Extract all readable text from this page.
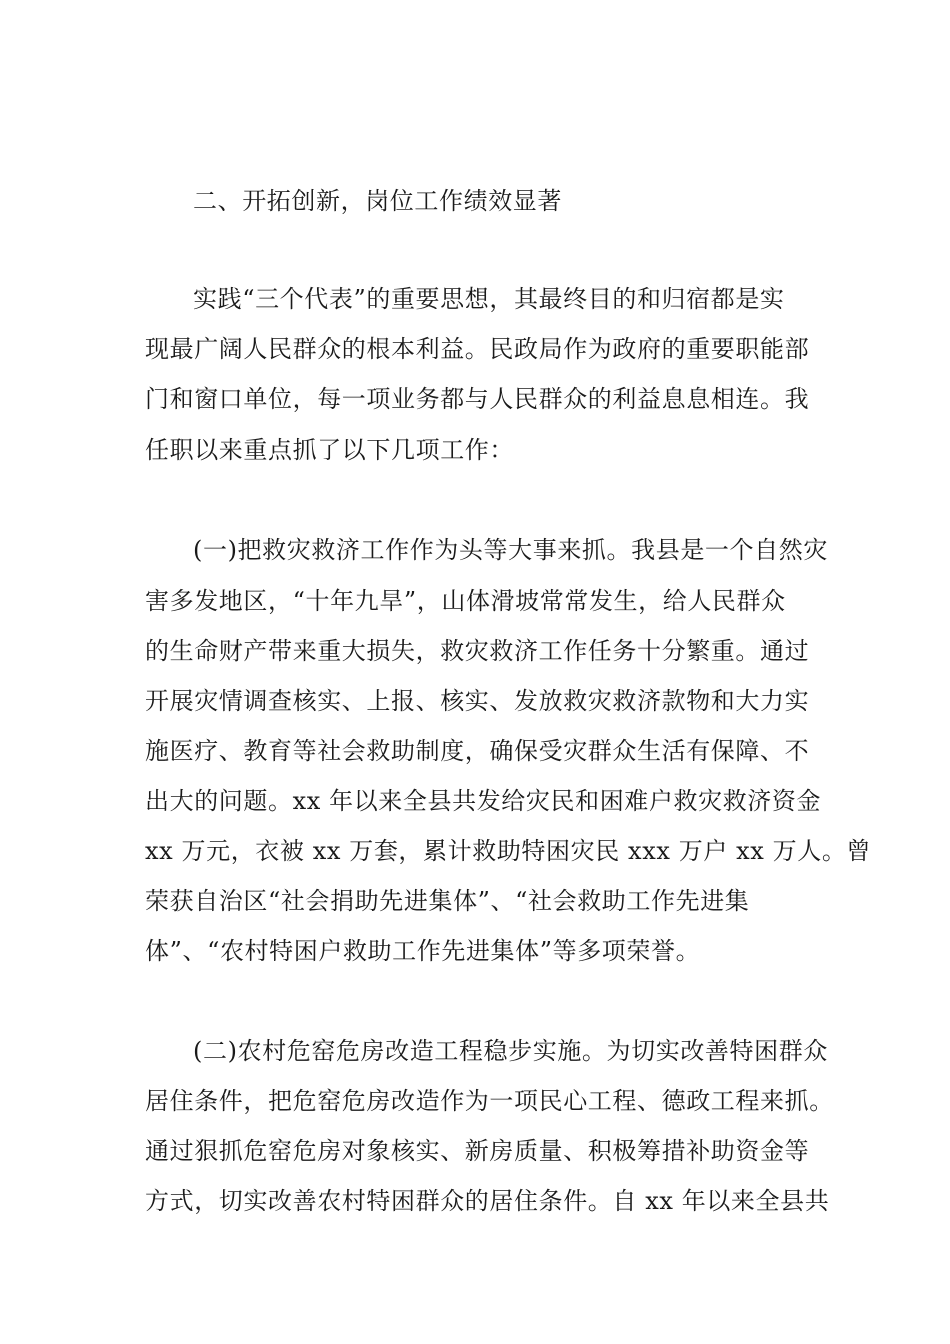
二、开拓创新，岗位工作绩效显著
实践“三个代表”的重要思想，其最终目的和归宿都是实
现最广阔人民群众的根本利益。民政局作为政府的重要职能部
门和窗口单位，每一项业务都与人民群众的利益息息相连。我
任职以来重点抓了以下几项工作：
(一)把救灾救济工作作为头等大事来抓。我县是一个自然灾
害多发地区，“十年九旱”，山体滑坡常常发生，给人民群众
的生命财产带来重大损失，救灾救济工作任务十分繁重。通过
开展灾情调查核实、上报、核实、发放救灾救济款物和大力实
施医疗、教育等社会救助制度，确保受灾群众生活有保障、不
出大的问题。xx 年以来全县共发给灾民和困难户救灾救济资金
xx 万元，衣被 xx 万套，累计救助特困灾民 xxx 万户 xx 万人。曾
荣获自治区“社会捐助先进集体”、“社会救助工作先进集
体”、“农村特困户救助工作先进集体”等多项荣誉。
(二)农村危窑危房改造工程稳步实施。为切实改善特困群众
居住条件，把危窑危房改造作为一项民心工程、德政工程来抓。
通过狠抓危窑危房对象核实、新房质量、积极筹措补助资金等
方式，切实改善农村特困群众的居住条件。自 xx 年以来全县共
